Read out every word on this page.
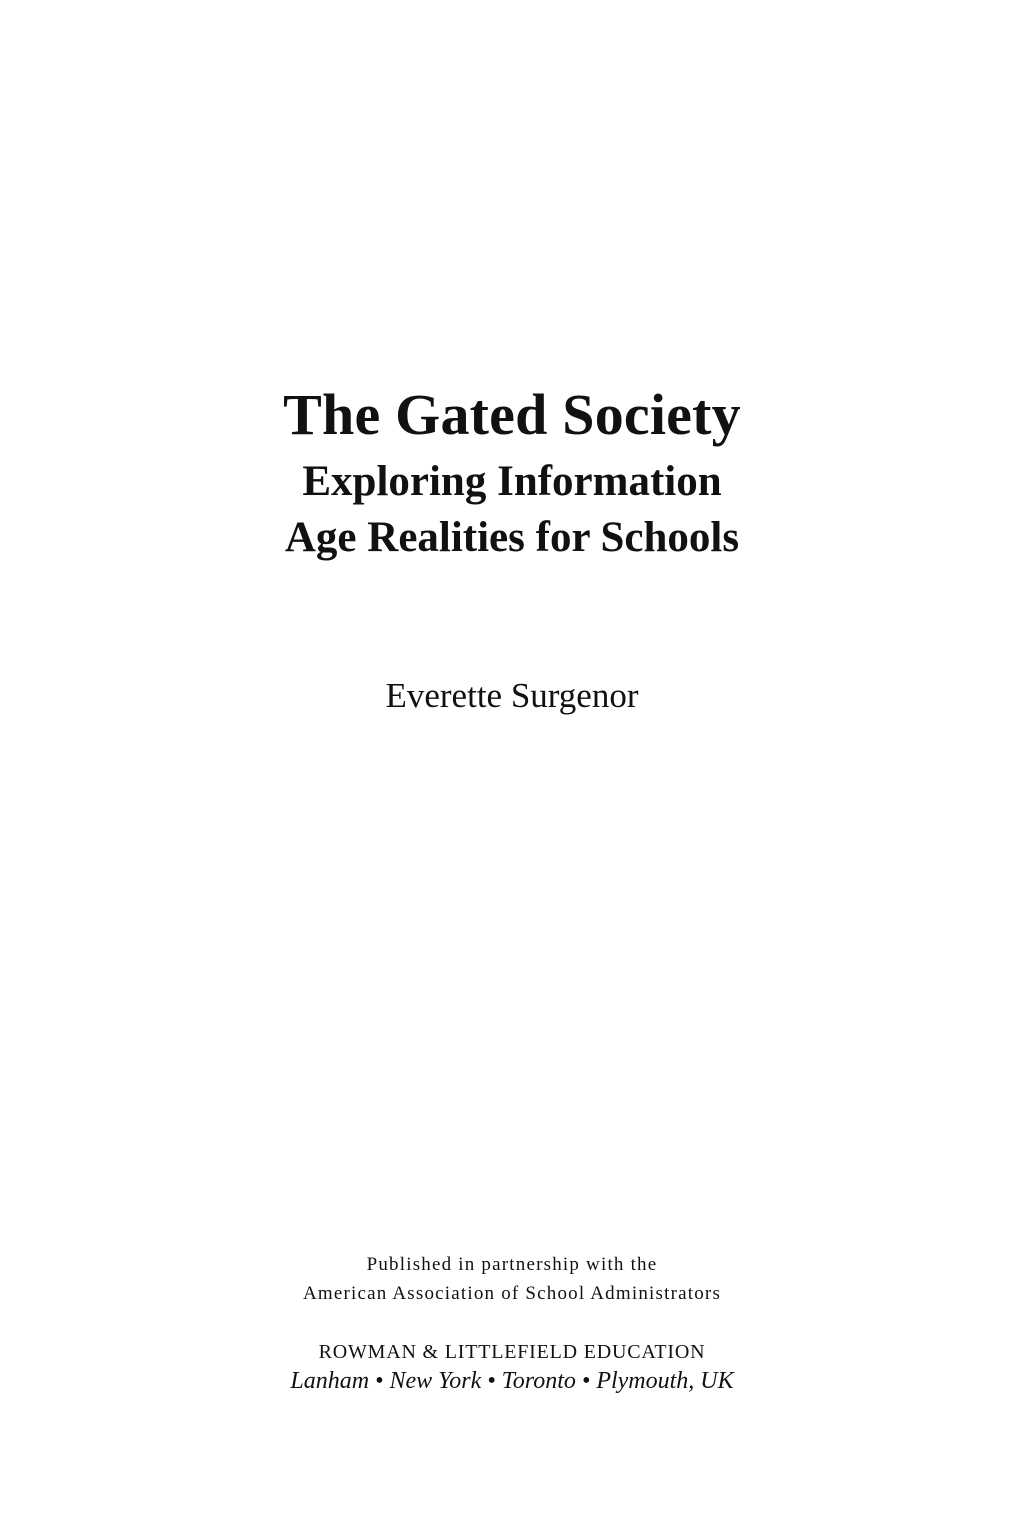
The Gated Society
Exploring Information
Age Realities for Schools
Everette Surgenor
Published in partnership with the
American Association of School Administrators
ROWMAN & LITTLEFIELD EDUCATION
Lanham • New York • Toronto • Plymouth, UK
